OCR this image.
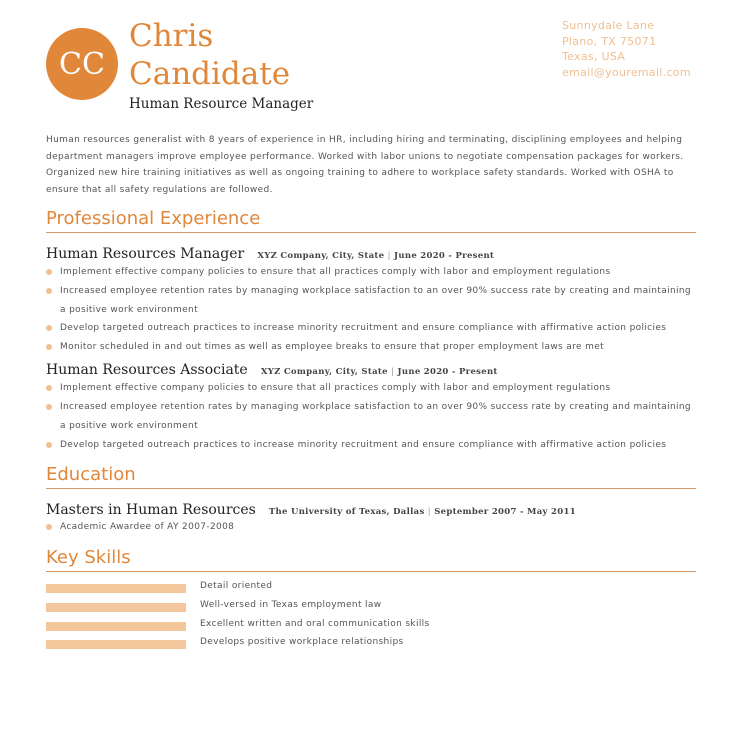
CC
Chris
Candidate
Human Resource Manager
Sunnydale Lane
Plano, TX 75071
Texas, USA
email@youremail.com
Human resources generalist with 8 years of experience in HR, including hiring and terminating, disciplining employees and helping department managers improve employee performance. Worked with labor unions to negotiate compensation packages for workers. Organized new hire training initiatives as well as ongoing training to adhere to workplace safety standards. Worked with OSHA to ensure that all safety regulations are followed.
Professional Experience
Human Resources Manager XYZ Company, City, State | June 2020 - Present
Implement effective company policies to ensure that all practices comply with labor and employment regulations
Increased employee retention rates by managing workplace satisfaction to an over 90% success rate by creating and maintaining a positive work environment
Develop targeted outreach practices to increase minority recruitment and ensure compliance with affirmative action policies
Monitor scheduled in and out times as well as employee breaks to ensure that proper employment laws are met
Human Resources Associate XYZ Company, City, State | June 2020 - Present
Implement effective company policies to ensure that all practices comply with labor and employment regulations
Increased employee retention rates by managing workplace satisfaction to an over 90% success rate by creating and maintaining a positive work environment
Develop targeted outreach practices to increase minority recruitment and ensure compliance with affirmative action policies
Education
Masters in Human Resources The University of Texas, Dallas | September 2007 - May 2011
Academic Awardee of AY 2007-2008
Key Skills
Detail oriented
Well-versed in Texas employment law
Excellent written and oral communication skills
Develops positive workplace relationships
